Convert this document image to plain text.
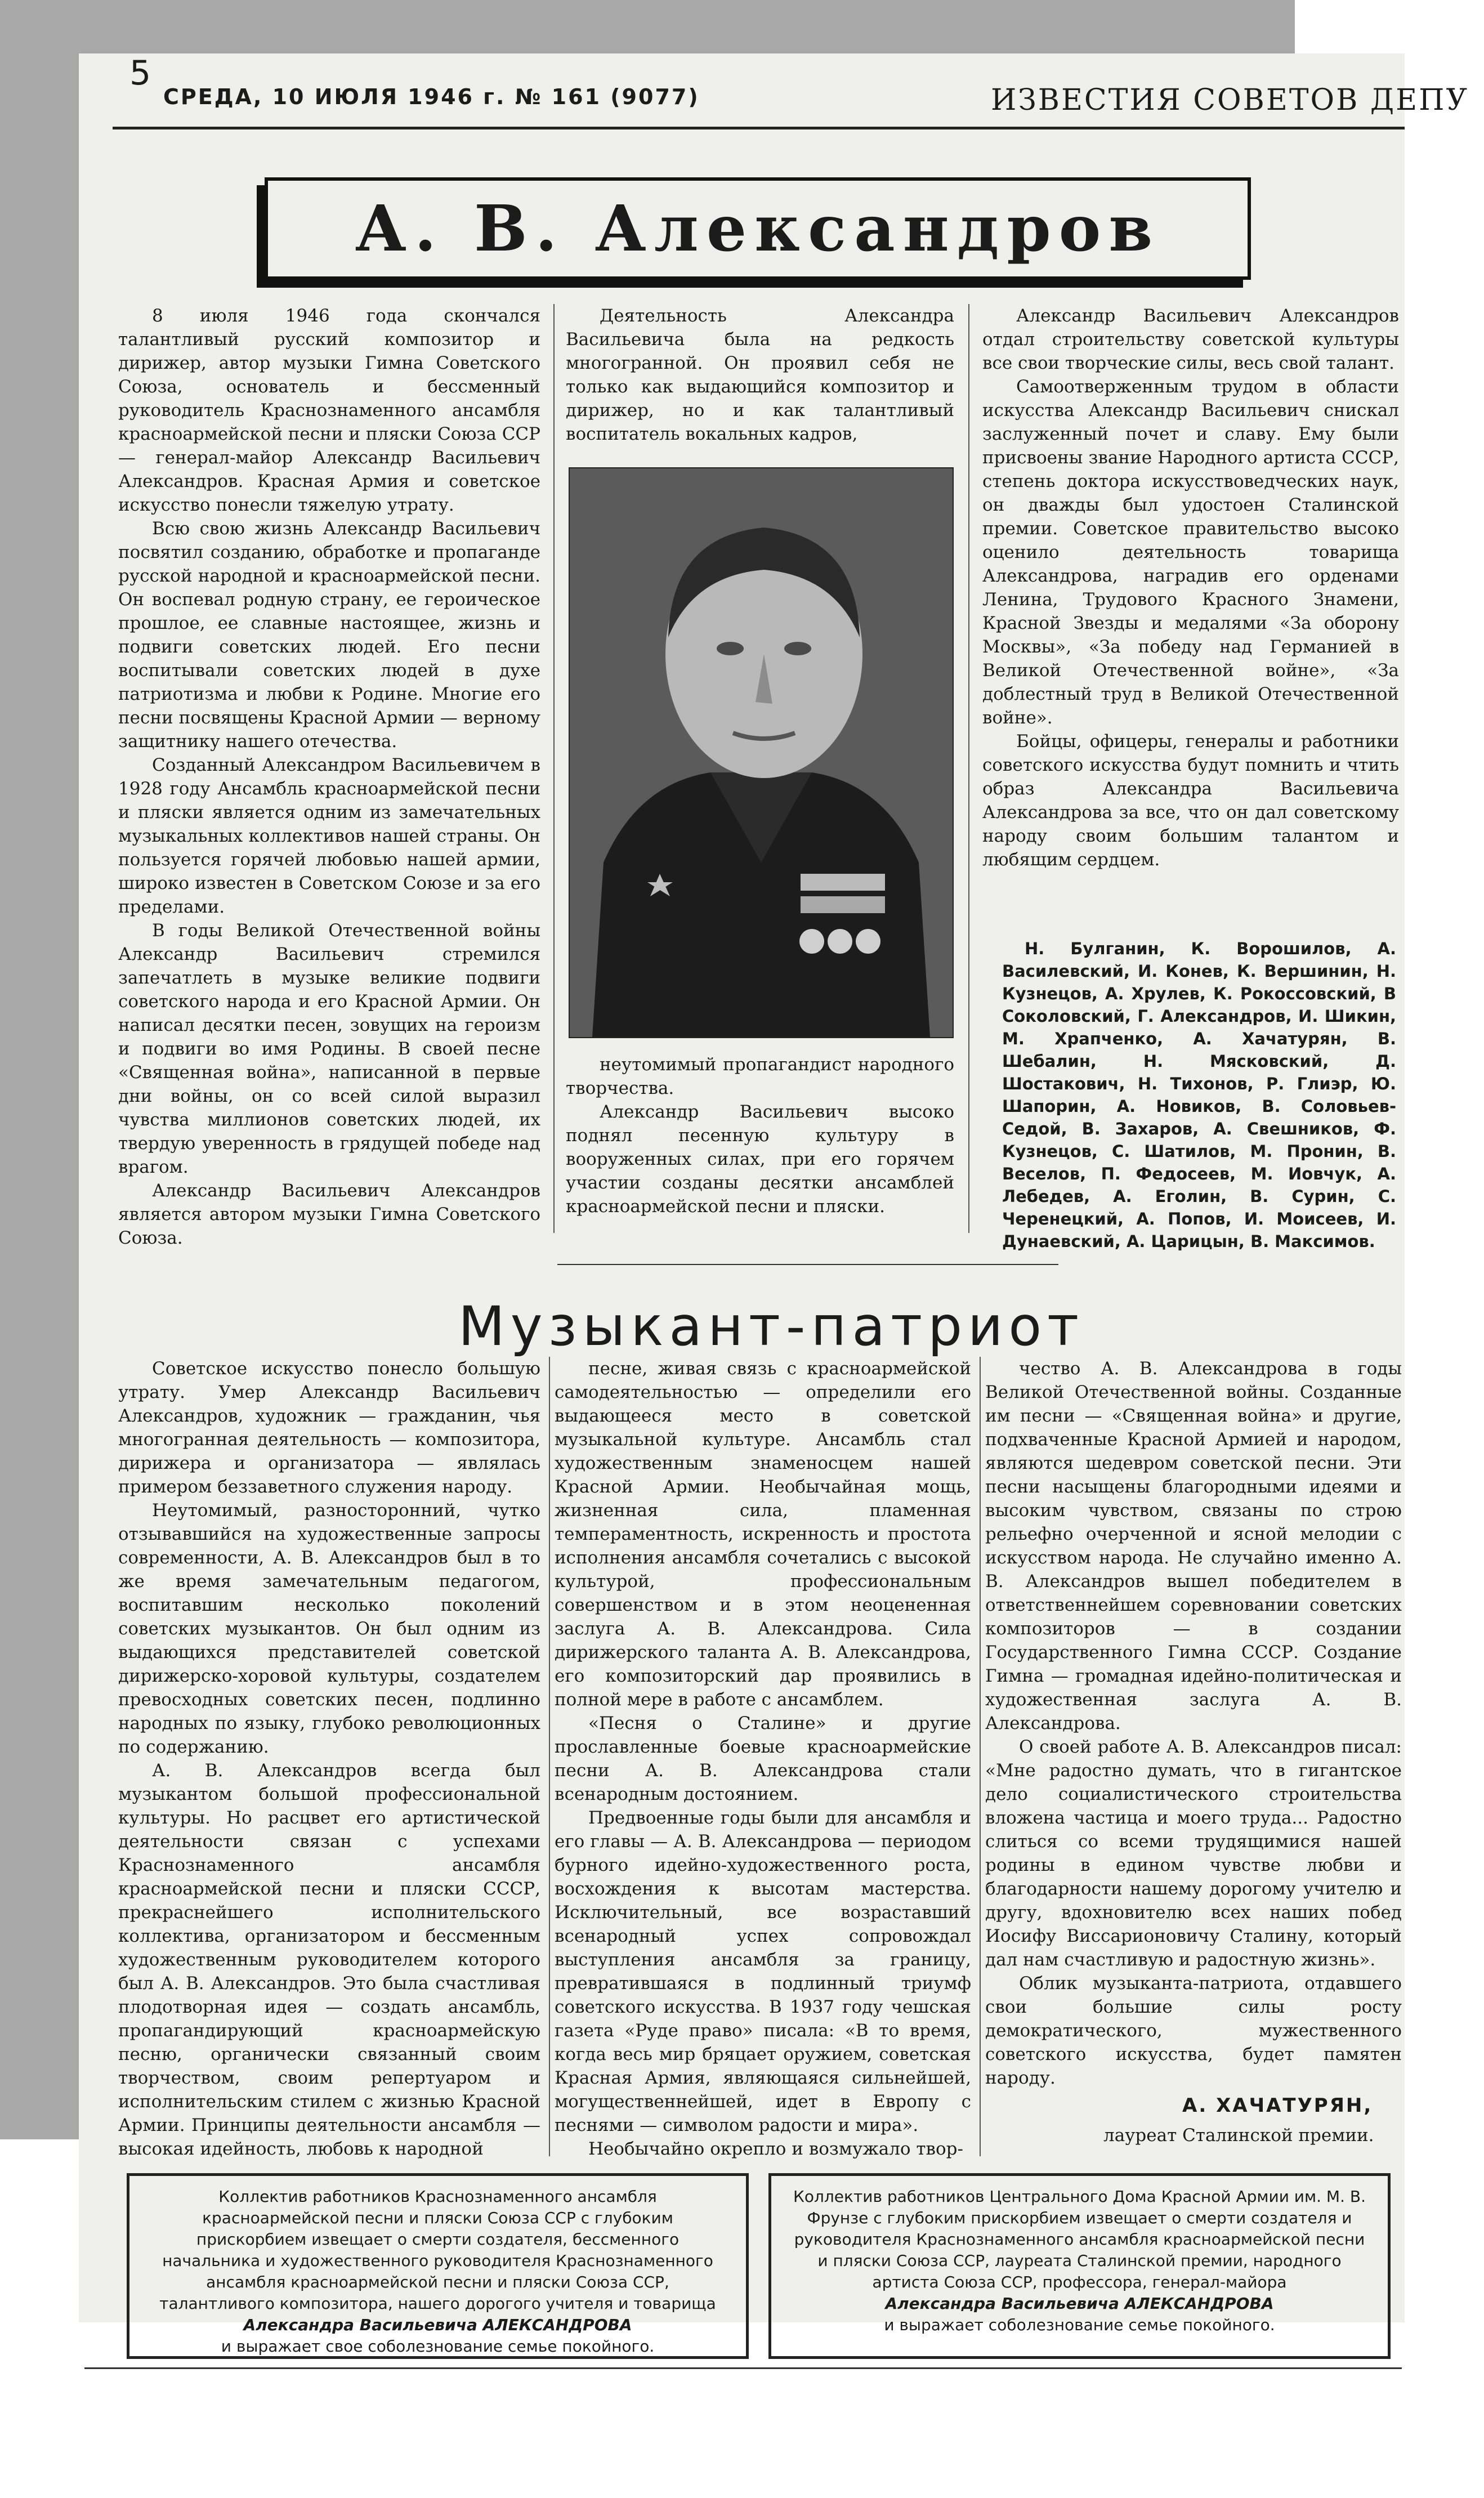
5
СРЕДА, 10 ИЮЛЯ 1946 г. № 161 (9077)	ИЗВЕСТИЯ СОВЕТОВ ДЕПУ
А. В. Александров

8 июля 1946 года скончался талантливый русский композитор и дирижер, автор музыки Гимна Советского Союза, основатель и бессменный руководитель Краснознаменного ансамбля красноармейской песни и пляски Союза ССР — генерал-майор Александр Васильевич Александров. Красная Армия и советское искусство понесли тяжелую утрату.

Всю свою жизнь Александр Васильевич посвятил созданию, обработке и пропаганде русской народной и красноармейской песни. Он воспевал родную страну, ее героическое прошлое, ее славные настоящее, жизнь и подвиги советских людей. Его песни воспитывали советских людей в духе патриотизма и любви к Родине. Многие его песни посвящены Красной Армии — верному защитнику нашего отечества.

Созданный Александром Васильевичем в 1928 году Ансамбль красноармейской песни и пляски является одним из замечательных музыкальных коллективов нашей страны. Он пользуется горячей любовью нашей армии, широко известен в Советском Союзе и за его пределами.

В годы Великой Отечественной войны Александр Васильевич стремился запечатлеть в музыке великие подвиги советского народа и его Красной Армии. Он написал десятки песен, зовущих на героизм и подвиги во имя Родины. В своей песне «Священная война», написанной в первые дни войны, он со всей силой выразил чувства миллионов советских людей, их твердую уверенность в грядущей победе над врагом.

Александр Васильевич Александров является автором музыки Гимна Советского Союза.

Деятельность Александра Васильевича была на редкость многогранной. Он проявил себя не только как выдающийся композитор и дирижер, но и как талантливый воспитатель вокальных кадров,

неутомимый пропагандист народного творчества.

Александр Васильевич высоко поднял песенную культуру в вооруженных силах, при его горячем участии созданы десятки ансамблей красноармейской песни и пляски.

Александр Васильевич Александров отдал строительству советской культуры все свои творческие силы, весь свой талант.

Самоотверженным трудом в области искусства Александр Васильевич снискал заслуженный почет и славу. Ему были присвоены звание Народного артиста СССР, степень доктора искусствоведческих наук, он дважды был удостоен Сталинской премии. Советское правительство высоко оценило деятельность товарища Александрова, наградив его орденами Ленина, Трудового Красного Знамени, Красной Звезды и медалями «За оборону Москвы», «За победу над Германией в Великой Отечественной войне», «За доблестный труд в Великой Отечественной войне».

Бойцы, офицеры, генералы и работники советского искусства будут помнить и чтить образ Александра Васильевича Александрова за все, что он дал советскому народу своим большим талантом и любящим сердцем.

Н. Булганин, К. Ворошилов, А. Василевский, И. Конев, К. Вершинин, Н. Кузнецов, А. Хрулев, К. Рокоссовский, В Соколовский, Г. Александров, И. Шикин, М. Храпченко, А. Хачатурян, В. Шебалин, Н. Мясковский, Д. Шостакович, Н. Тихонов, Р. Глиэр, Ю. Шапорин, А. Новиков, В. Соловьев-Седой, В. Захаров, А. Свешников, Ф. Кузнецов, С. Шатилов, М. Пронин, В. Веселов, П. Федосеев, М. Иовчук, А. Лебедев, А. Еголин, В. Сурин, С. Черенецкий, А. Попов, И. Моисеев, И. Дунаевский, А. Царицын, В. Максимов.

Музыкант-патриот

Советское искусство понесло большую утрату. Умер Александр Васильевич Александров, художник — гражданин, чья многогранная деятельность — композитора, дирижера и организатора — являлась примером беззаветного служения народу.

Неутомимый, разносторонний, чутко отзывавшийся на художественные запросы современности, А. В. Александров был в то же время замечательным педагогом, воспитавшим несколько поколений советских музыкантов. Он был одним из выдающихся представителей советской дирижерско-хоровой культуры, создателем превосходных советских песен, подлинно народных по языку, глубоко революционных по содержанию.

А. В. Александров всегда был музыкантом большой профессиональной культуры. Но расцвет его артистической деятельности связан с успехами Краснознаменного ансамбля красноармейской песни и пляски СССР, прекраснейшего исполнительского коллектива, организатором и бессменным художественным руководителем которого был А. В. Александров. Это была счастливая плодотворная идея — создать ансамбль, пропагандирующий красноармейскую песню, органически связанный своим творчеством, своим репертуаром и исполнительским стилем с жизнью Красной Армии. Принципы деятельности ансамбля — высокая идейность, любовь к народной

песне, живая связь с красноармейской самодеятельностью — определили его выдающееся место в советской музыкальной культуре. Ансамбль стал художественным знаменосцем нашей Красной Армии. Необычайная мощь, жизненная сила, пламенная темпераментность, искренность и простота исполнения ансамбля сочетались с высокой культурой, профессиональным совершенством и в этом неоцененная заслуга А. В. Александрова. Сила дирижерского таланта А. В. Александрова, его композиторский дар проявились в полной мере в работе с ансамблем.

«Песня о Сталине» и другие прославленные боевые красноармейские песни А. В. Александрова стали всенародным достоянием.

Предвоенные годы были для ансамбля и его главы — А. В. Александрова — периодом бурного идейно-художественного роста, восхождения к высотам мастерства. Исключительный, все возраставший всенародный успех сопровождал выступления ансамбля за границу, превратившаяся в подлинный триумф советского искусства. В 1937 году чешская газета «Руде право» писала: «В то время, когда весь мир бряцает оружием, советская Красная Армия, являющаяся сильнейшей, могущественнейшей, идет в Европу с песнями — символом радости и мира».

Необычайно окрепло и возмужало твор-

чество А. В. Александрова в годы Великой Отечественной войны. Созданные им песни — «Священная война» и другие, подхваченные Красной Армией и народом, являются шедевром советской песни. Эти песни насыщены благородными идеями и высоким чувством, связаны по строю рельефно очерченной и ясной мелодии с искусством народа. Не случайно именно А. В. Александров вышел победителем в ответственнейшем соревновании советских композиторов — в создании Государственного Гимна СССР. Создание Гимна — громадная идейно-политическая и художественная заслуга А. В. Александрова.

О своей работе А. В. Александров писал: «Мне радостно думать, что в гигантское дело социалистического строительства вложена частица и моего труда... Радостно слиться со всеми трудящимися нашей родины в едином чувстве любви и благодарности нашему дорогому учителю и другу, вдохновителю всех наших побед Иосифу Виссарионовичу Сталину, который дал нам счастливую и радостную жизнь».

Облик музыканта-патриота, отдавшего свои большие силы росту демократического, мужественного советского искусства, будет памятен народу.

А. ХАЧАТУРЯН,
лауреат Сталинской премии.
Коллектив работников Краснознаменного ансамбля красноармейской песни и пляски Союза ССР с глубоким прискорбием извещает о смерти создателя, бессменного начальника и художественного руководителя Краснознаменного ансамбля красноармейской песни и пляски Союза ССР, талантливого композитора, нашего дорогого учителя и товарища
Александра Васильевича АЛЕКСАНДРОВА
и выражает свое соболезнование семье покойного.
Коллектив работников Центрального Дома Красной Армии им. М. В. Фрунзе с глубоким прискорбием извещает о смерти создателя и руководителя Краснознаменного ансамбля красноармейской песни и пляски Союза ССР, лауреата Сталинской премии, народного артиста Союза ССР, профессора, генерал-майора
Александра Васильевича АЛЕКСАНДРОВА
и выражает соболезнование семье покойного.
